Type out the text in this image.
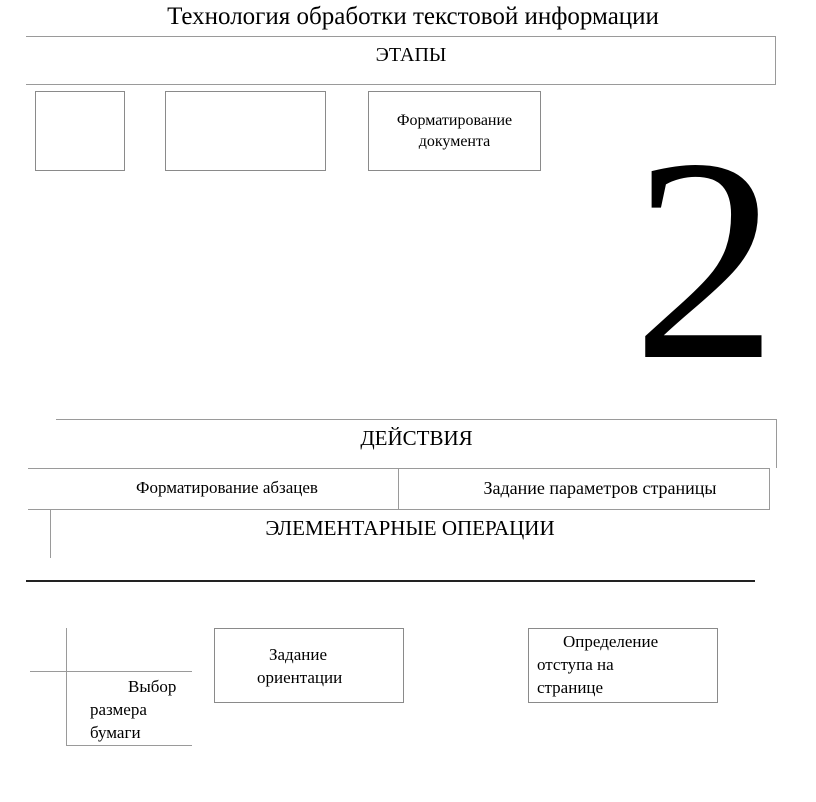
Технология обработки текстовой информации
ЭТАПЫ
Форматирование
документа 2
ДЕЙСТВИЯ
Форматирование абзацев	Задание параметров страницы
ЭЛЕМЕНТАРНЫЕ ОПЕРАЦИИ
Выбор
размера
бумаги
Задание
ориентации
Определение
отступа на
странице
